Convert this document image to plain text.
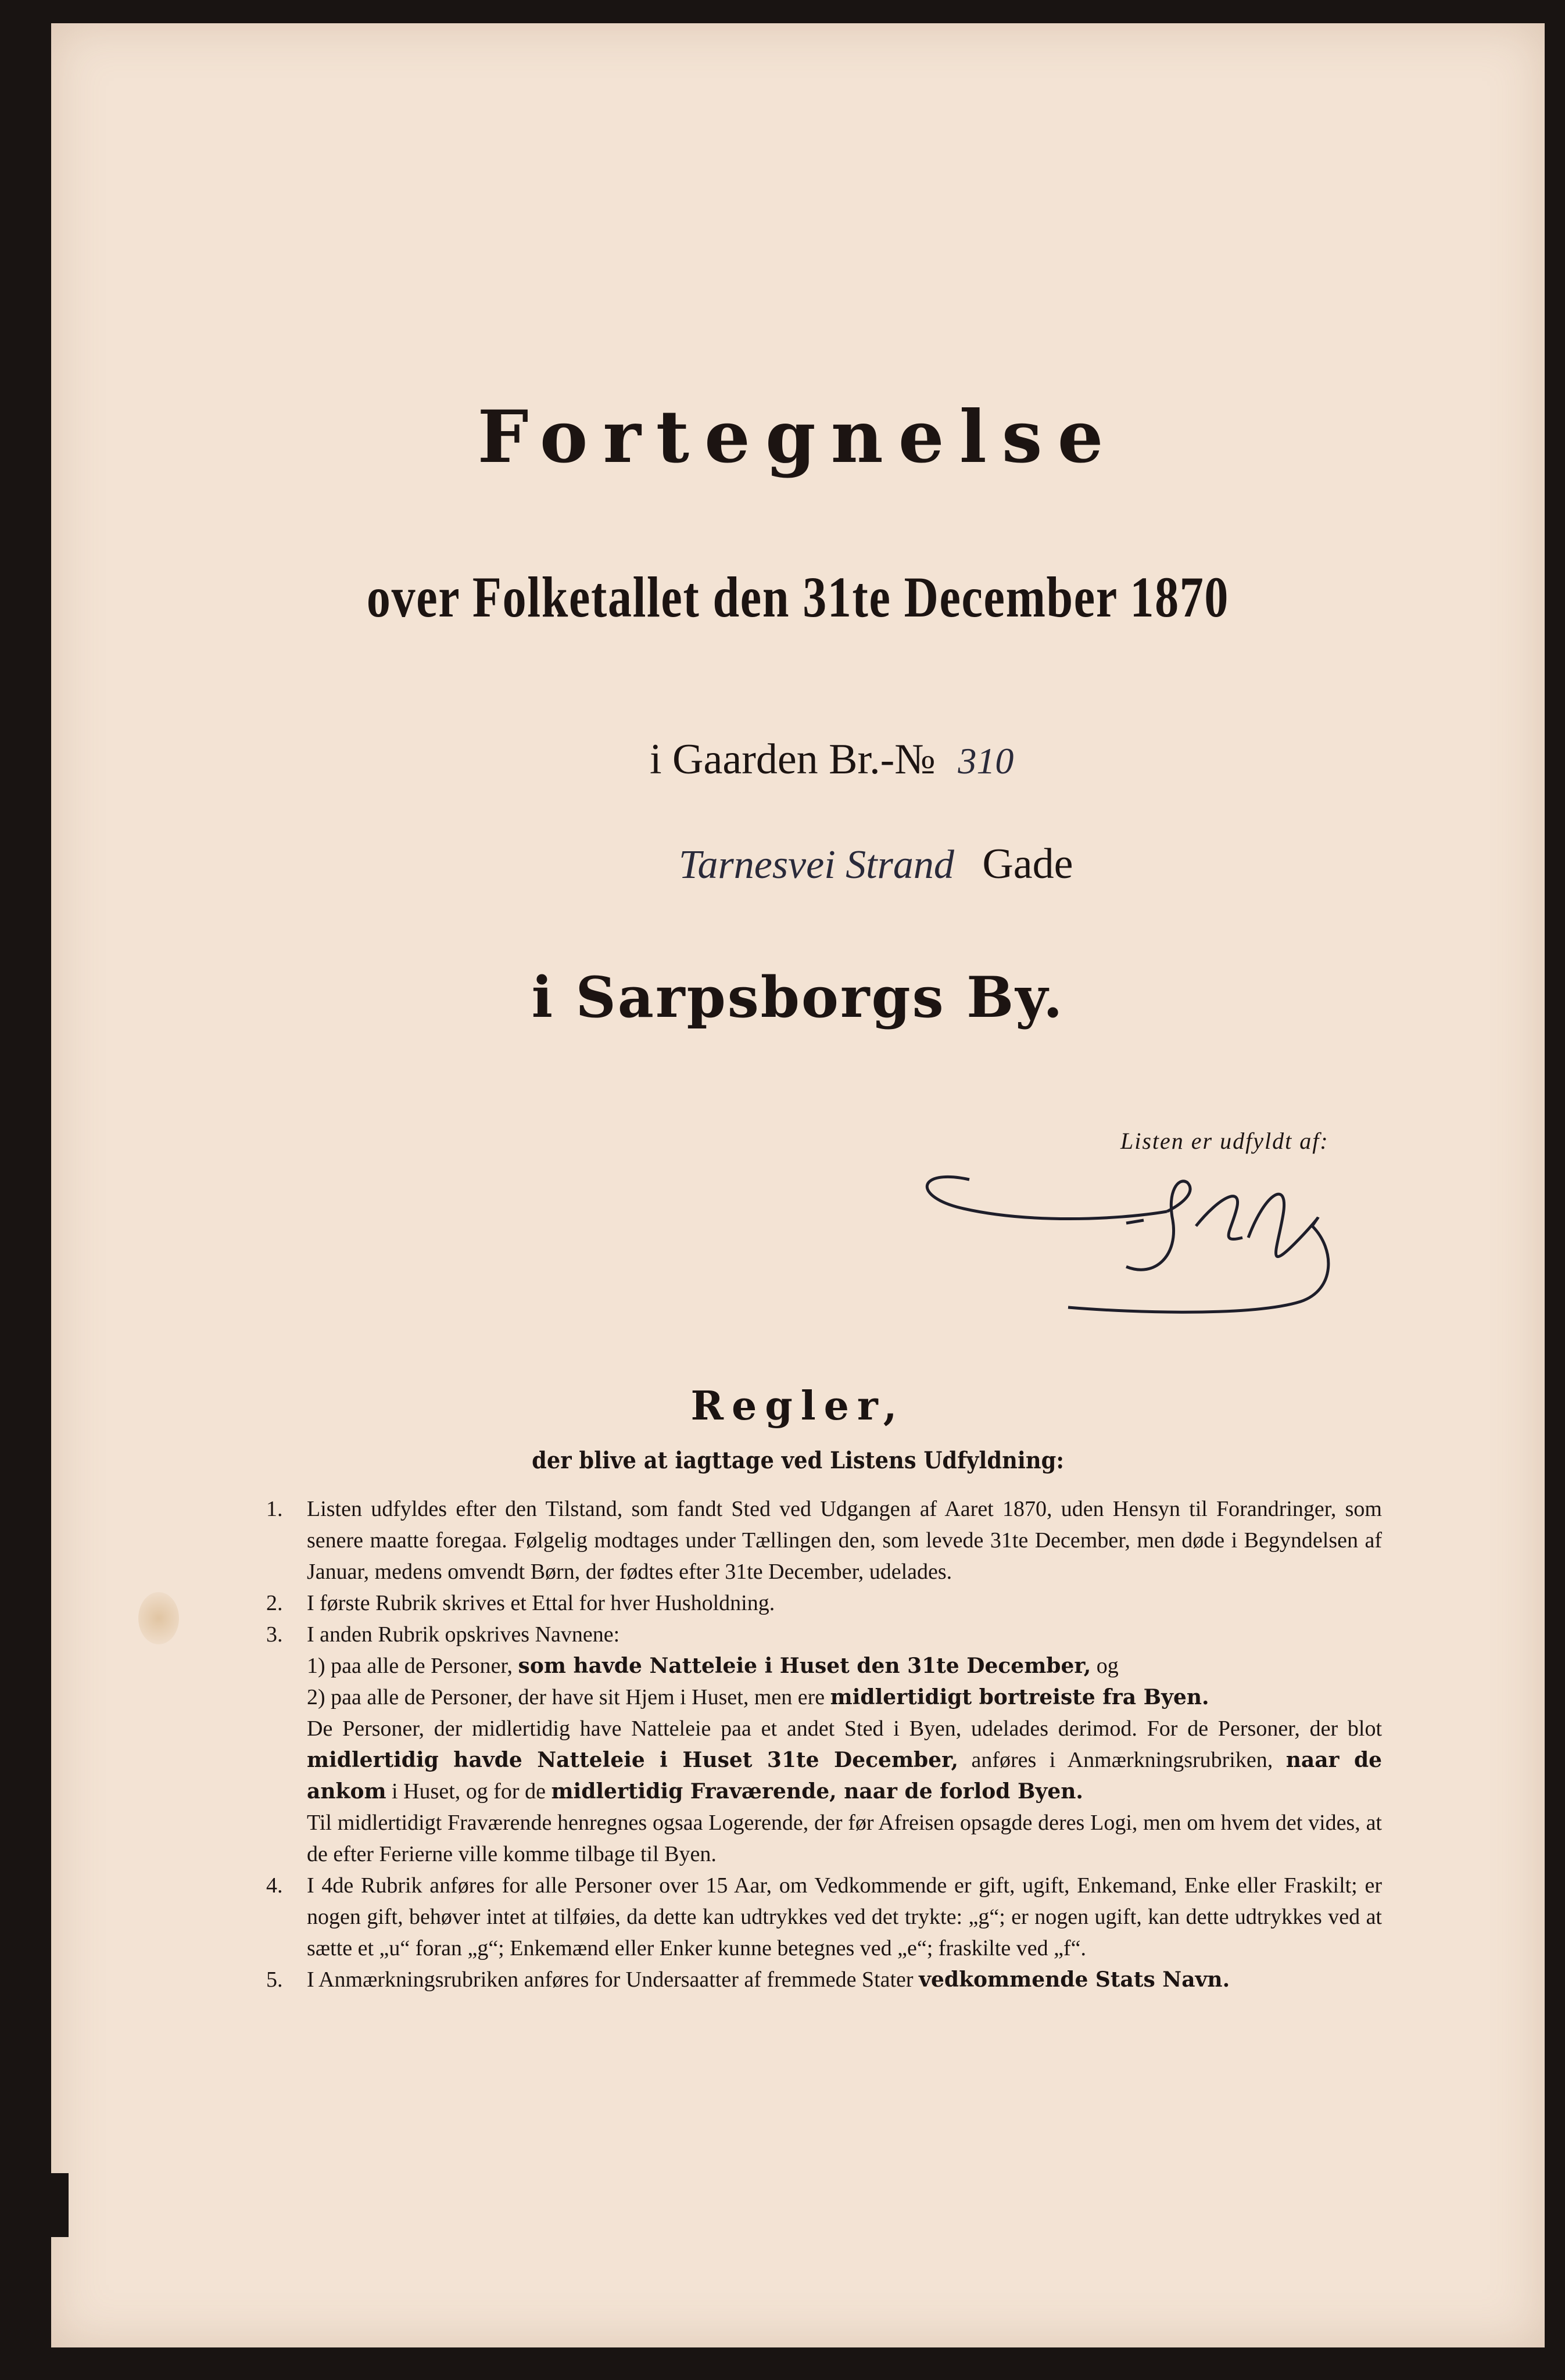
Fortegnelse
over Folketallet den 31te December 1870
i Gaarden Br.-№ 310
Tarnesvei Strand Gade
i Sarpsborgs By.
Listen er udfyldt af:
Regler,
der blive at iagttage ved Listens Udfyldning:
1.	Listen udfyldes efter den Tilstand, som fandt Sted ved Udgangen af Aaret 1870, uden Hensyn til Forandringer, som senere maatte foregaa. Følgelig modtages under Tællingen den, som levede 31te December, men døde i Begyndelsen af Januar, medens omvendt Børn, der fødtes efter 31te December, udelades.
2.	I første Rubrik skrives et Ettal for hver Husholdning.
3.	I anden Rubrik opskrives Navnene:
1) paa alle de Personer, som havde Natteleie i Huset den 31te December, og
2) paa alle de Personer, der have sit Hjem i Huset, men ere midlertidigt bortreiste fra Byen.
De Personer, der midlertidig have Natteleie paa et andet Sted i Byen, udelades derimod. For de Personer, der blot midlertidig havde Natteleie i Huset 31te December, anføres i Anmærkningsrubriken, naar de ankom i Huset, og for de midlertidig Fraværende, naar de forlod Byen.
Til midlertidigt Fraværende henregnes ogsaa Logerende, der før Afreisen opsagde deres Logi, men om hvem det vides, at de efter Ferierne ville komme tilbage til Byen.
4.	I 4de Rubrik anføres for alle Personer over 15 Aar, om Vedkommende er gift, ugift, Enkemand, Enke eller Fraskilt; er nogen gift, behøver intet at tilføies, da dette kan udtrykkes ved det trykte: „g“; er nogen ugift, kan dette udtrykkes ved at sætte et „u“ foran „g“; Enkemænd eller Enker kunne betegnes ved „e“; fraskilte ved „f“.
5.	I Anmærkningsrubriken anføres for Undersaatter af fremmede Stater vedkommende Stats Navn.
